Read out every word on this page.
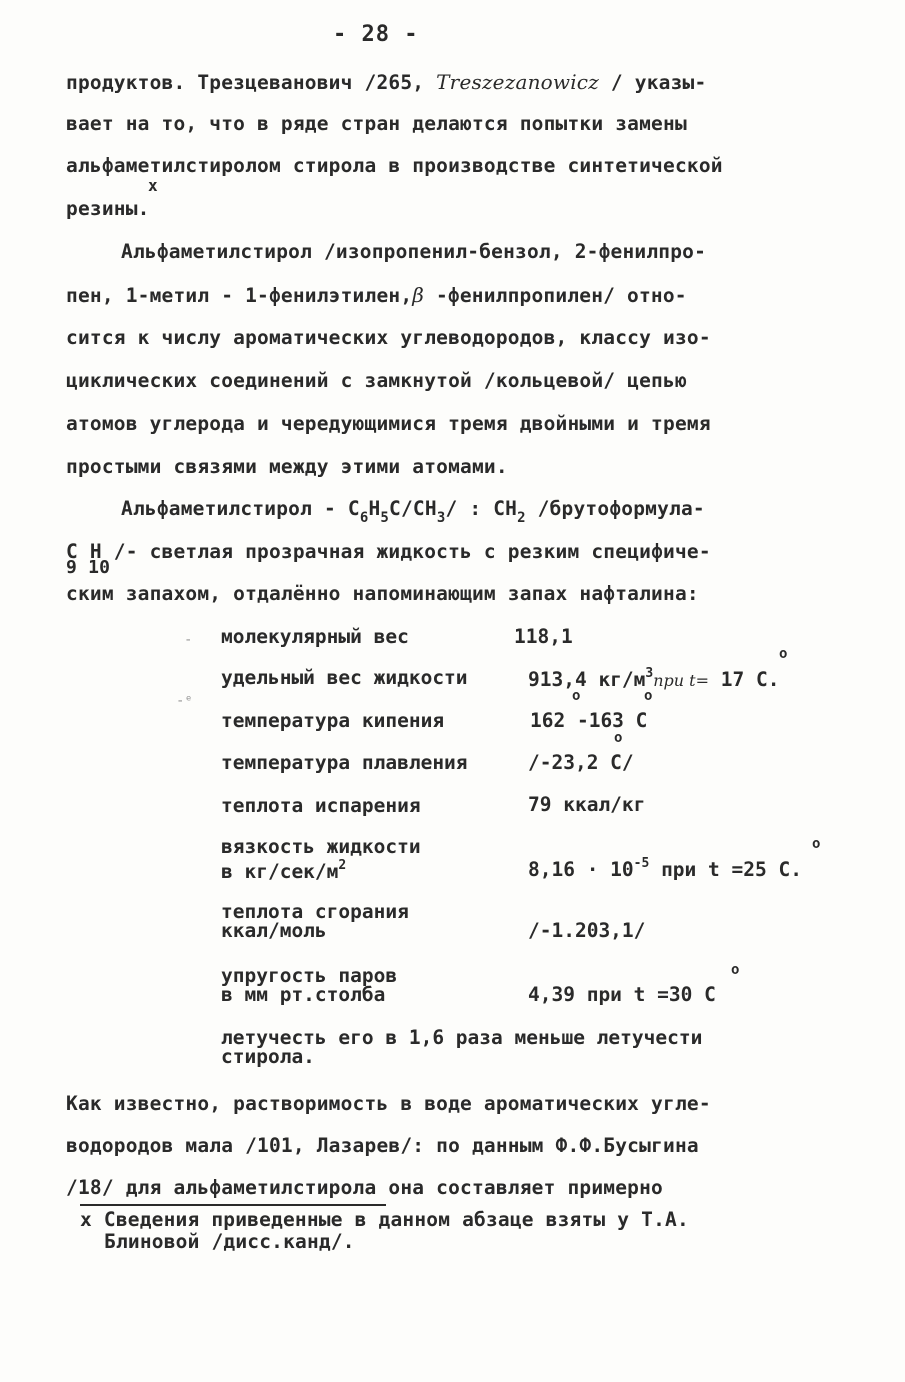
- 28 -
продуктов. Трезцеванович /265, Treszezanowicz / указы-
вает на то, что в ряде стран делаются попытки замены
альфаметилстиролом стирола в производстве синтетической
x
резины.
Альфаметилстирол /изопропенил-бензол, 2-фенилпро-
пен, 1-метил - 1-фенилэтилен,β -фенилпропилен/ отно-
сится к числу ароматических углеводородов, классу изо-
циклических соединений с замкнутой /кольцевой/ цепью
атомов углерода и чередующимися тремя двойными и тремя
простыми связями между этими атомами.
Альфаметилстирол - $С_6Н_5С/СН_3/$ : $СН_2$ /брутоформула-
С Н /- светлая прозрачная жидкость с резким специфиче-
9 10
ским запахом, отдалённо напоминающим запах нафталина:
-
-ᵉ
молекулярный вес	118,1
удельный вес жидкости	913,4 $кг/м^3при$ t= 17 С.
o
температура кипения	162 -163 С
o	o
температура плавления	/-23,2 С/
o
теплота испарения	79 ккал/кг
вязкость жидкости
в $кг/сек/м^2$	$8,16 \cdot 10^{-5}$ при t =25 С.
o
теплота сгорания
ккал/моль	/-1.203,1/
упругость паров
в мм рт.столба	4,39 при t =30 С
o
летучесть его в 1,6 раза меньше летучести
стирола.
Как известно, растворимость в воде ароматических угле-
водородов мала /101, Лазарев/: по данным Ф.Ф.Бусыгина
/18/ для альфаметилстирола она составляет примерно
х Сведения приведенные в данном абзаце взяты у Т.А.
Блиновой /дисс.канд/.
